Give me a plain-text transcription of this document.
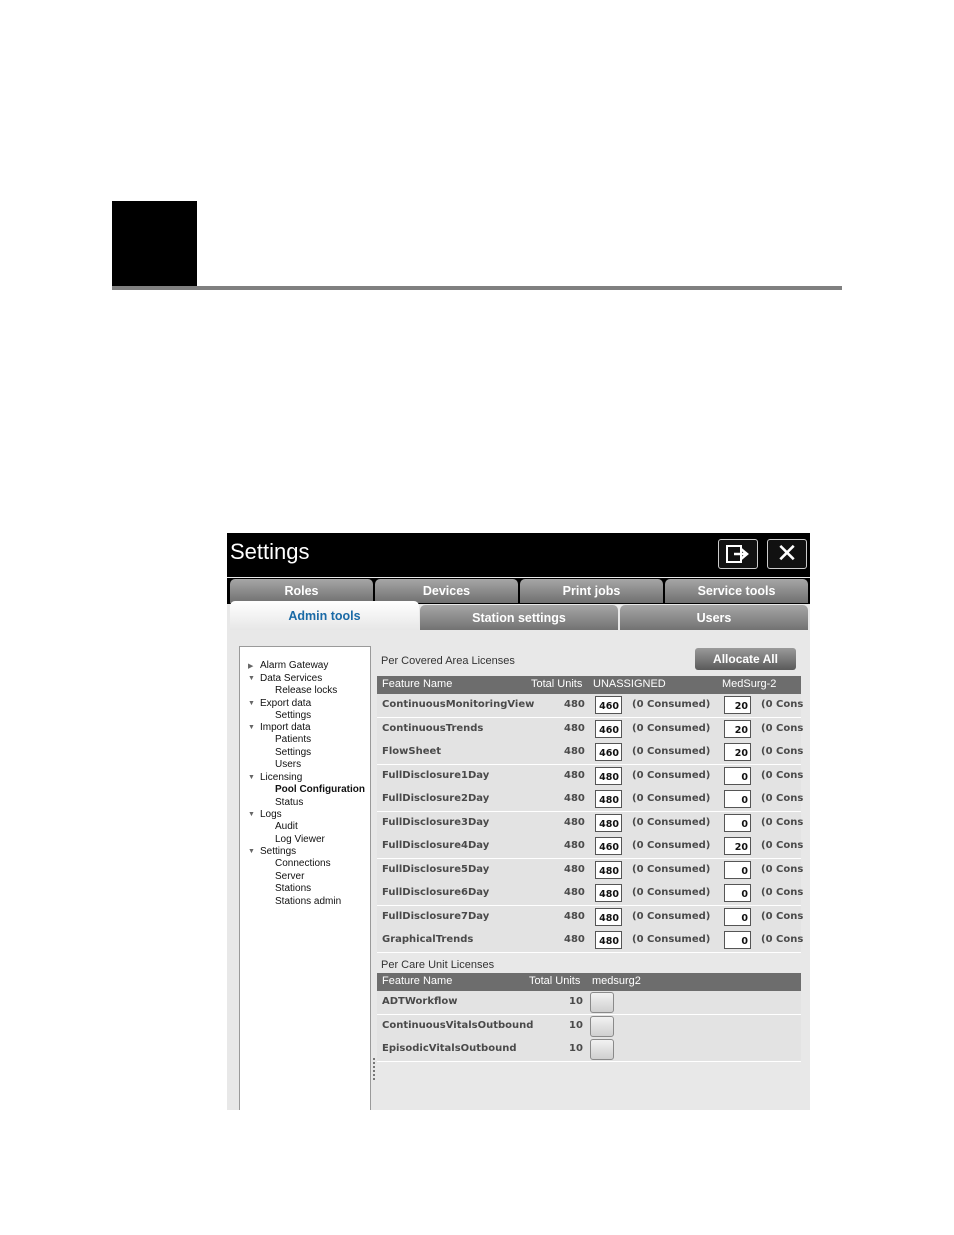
Settings	✕
Roles	Devices	Print jobs	Service tools
Admin tools	Station settings	Users
▶ Alarm Gateway
▼ Data Services
Release locks
▼ Export data
Settings
▼ Import data
Patients
Settings
Users
▼ Licensing
Pool Configuration
Status
▼ Logs
Audit
Log Viewer
▼ Settings
Connections
Server
Stations
Stations admin
Per Covered Area Licenses	Allocate All
Feature Name	Total Units UNASSIGNED	MedSurg-2
ContinuousMonitoringView	480	460	(0 Consumed)	20	(0 Cons
ContinuousTrends	480	460	(0 Consumed)	20	(0 Cons
FlowSheet	480	460	(0 Consumed)	20	(0 Cons
FullDisclosure1Day	480	480	(0 Consumed)	0	(0 Cons
FullDisclosure2Day	480	480	(0 Consumed)	0	(0 Cons
FullDisclosure3Day	480	480	(0 Consumed)	0	(0 Cons
FullDisclosure4Day	480	460	(0 Consumed)	20	(0 Cons
FullDisclosure5Day	480	480	(0 Consumed)	0	(0 Cons
FullDisclosure6Day	480	480	(0 Consumed)	0	(0 Cons
FullDisclosure7Day	480	480	(0 Consumed)	0	(0 Cons
GraphicalTrends	480	480	(0 Consumed)	0	(0 Cons
Per Care Unit Licenses
Feature Name	Total Units medsurg2
ADTWorkflow	10
ContinuousVitalsOutbound	10
EpisodicVitalsOutbound	10
